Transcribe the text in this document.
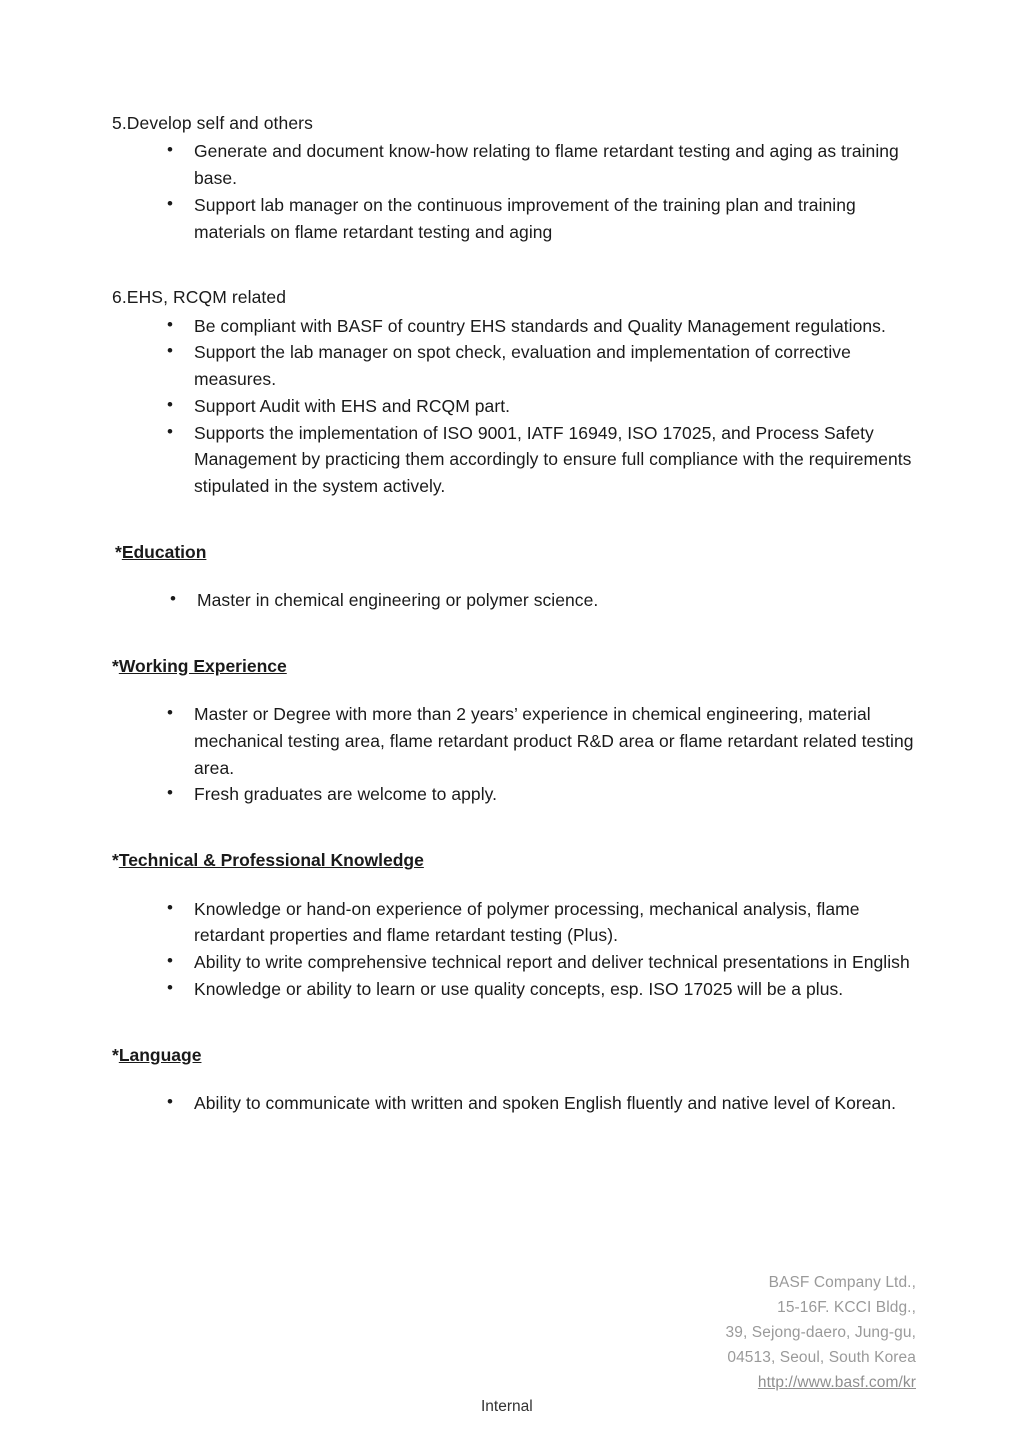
5.Develop self and others

• Generate and document know-how relating to flame retardant testing and aging as training base.
• Support lab manager on the continuous improvement of the training plan and training materials on flame retardant testing and aging

6.EHS, RCQM related

• Be compliant with BASF of country EHS standards and Quality Management regulations.
• Support the lab manager on spot check, evaluation and implementation of corrective measures.
• Support Audit with EHS and RCQM part.
• Supports the implementation of ISO 9001, IATF 16949, ISO 17025, and Process Safety Management by practicing them accordingly to ensure full compliance with the requirements stipulated in the system actively.

*Education

• Master in chemical engineering or polymer science.

*Working Experience

• Master or Degree with more than 2 years’ experience in chemical engineering, material mechanical testing area, flame retardant product R&D area or flame retardant related testing area.
• Fresh graduates are welcome to apply.

*Technical & Professional Knowledge

• Knowledge or hand-on experience of polymer processing, mechanical analysis, flame retardant properties and flame retardant testing (Plus).
• Ability to write comprehensive technical report and deliver technical presentations in English
• Knowledge or ability to learn or use quality concepts, esp. ISO 17025 will be a plus.

*Language

• Ability to communicate with written and spoken English fluently and native level of Korean.
BASF Company Ltd.,
15-16F. KCCI Bldg.,
39, Sejong-daero, Jung-gu,
04513, Seoul, South Korea
http://www.basf.com/kr
Internal
